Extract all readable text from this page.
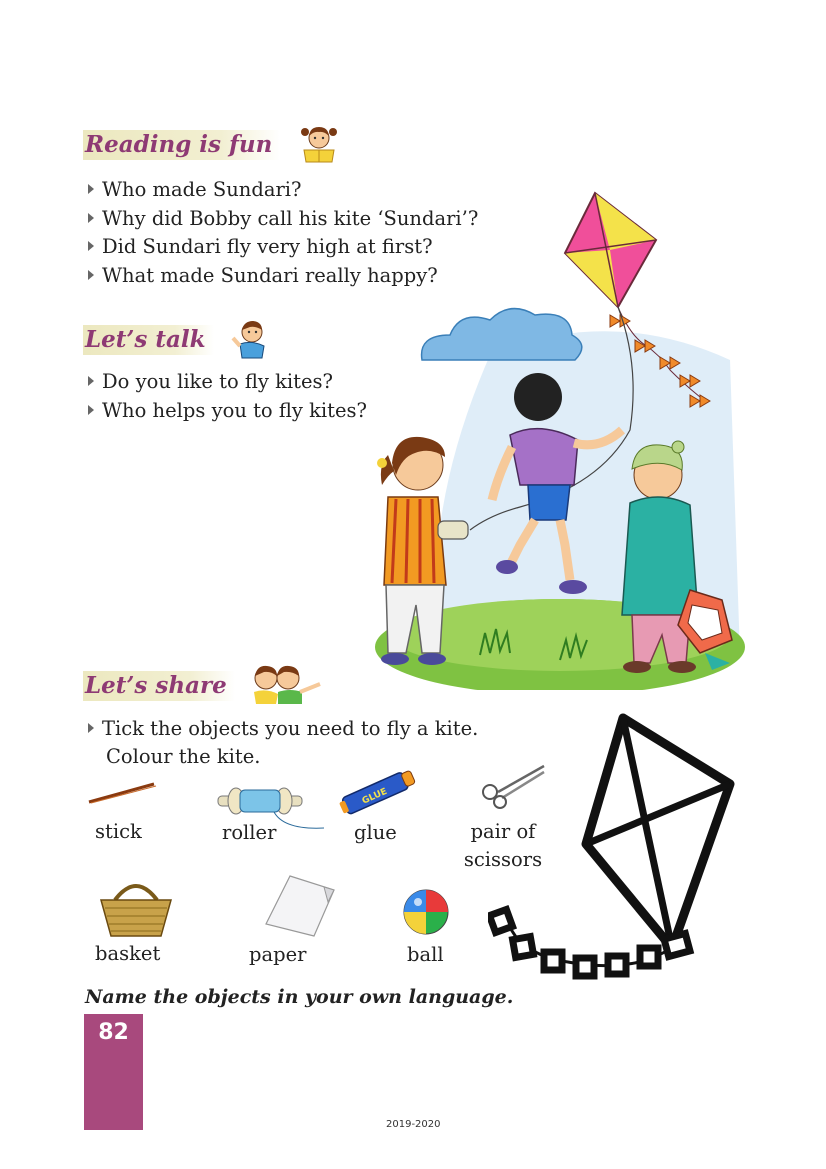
Reading is fun
Who made Sundari?
Why did Bobby call his kite ‘Sundari’?
Did Sundari fly very high at first?
What made Sundari really happy?
Let’s talk
Do you like to fly kites?
Who helps you to fly kites?
Let’s share
Tick the objects you need to fly a kite.
Colour the kite.
stick	roller
GLUE
glue	pair of
scissors
basket	paper	ball
Name the objects in your own language.
82
2019-2020
